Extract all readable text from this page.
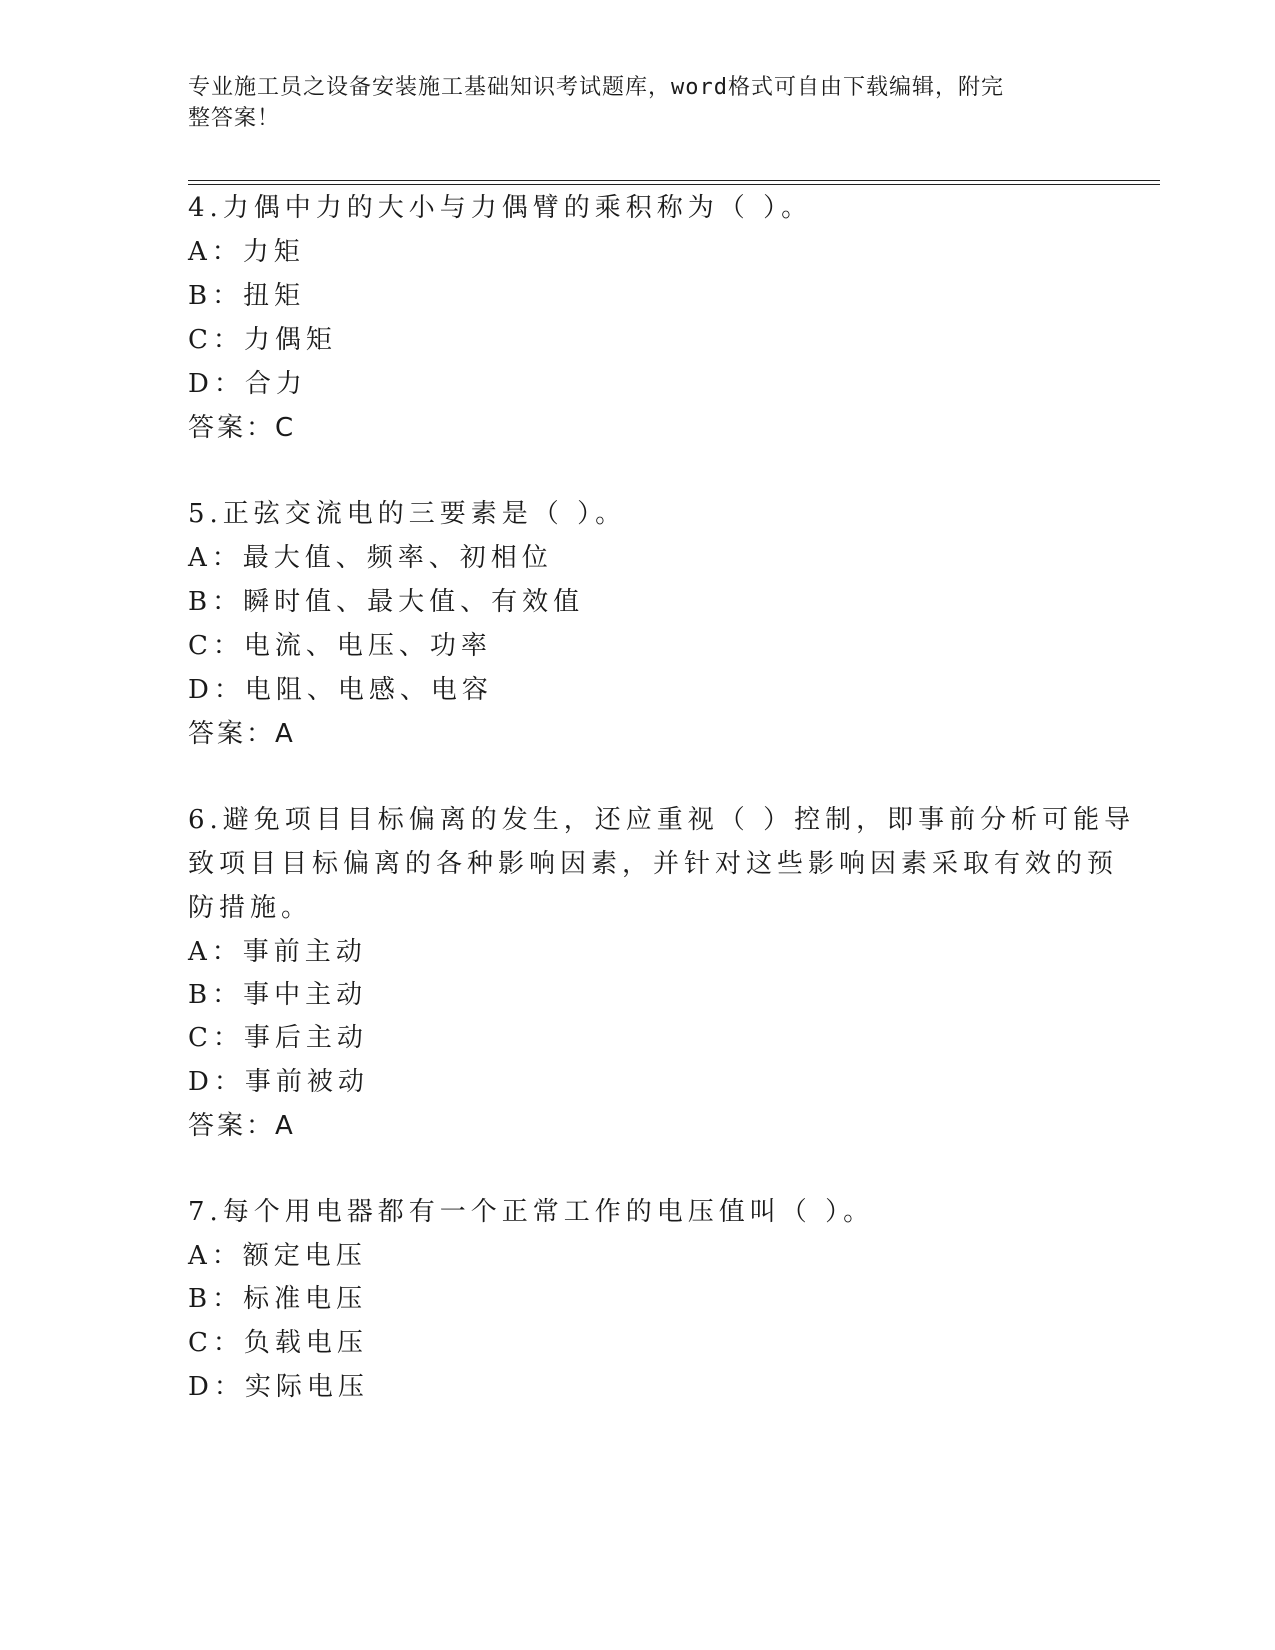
专业施工员之设备安装施工基础知识考试题库，word格式可自由下载编辑，附完
整答案！
4.力偶中力的大小与力偶臂的乘积称为（ ）。
A：力矩
B：扭矩
C：力偶矩
D：合力
答案：C
5.正弦交流电的三要素是（ ）。
A：最大值、频率、初相位
B：瞬时值、最大值、有效值
C：电流、电压、功率
D：电阻、电感、电容
答案：A
6.避免项目目标偏离的发生，还应重视（ ）控制，即事前分析可能导
致项目目标偏离的各种影响因素，并针对这些影响因素采取有效的预
防措施。
A：事前主动
B：事中主动
C：事后主动
D：事前被动
答案：A
7.每个用电器都有一个正常工作的电压值叫（ ）。
A：额定电压
B：标准电压
C：负载电压
D：实际电压
